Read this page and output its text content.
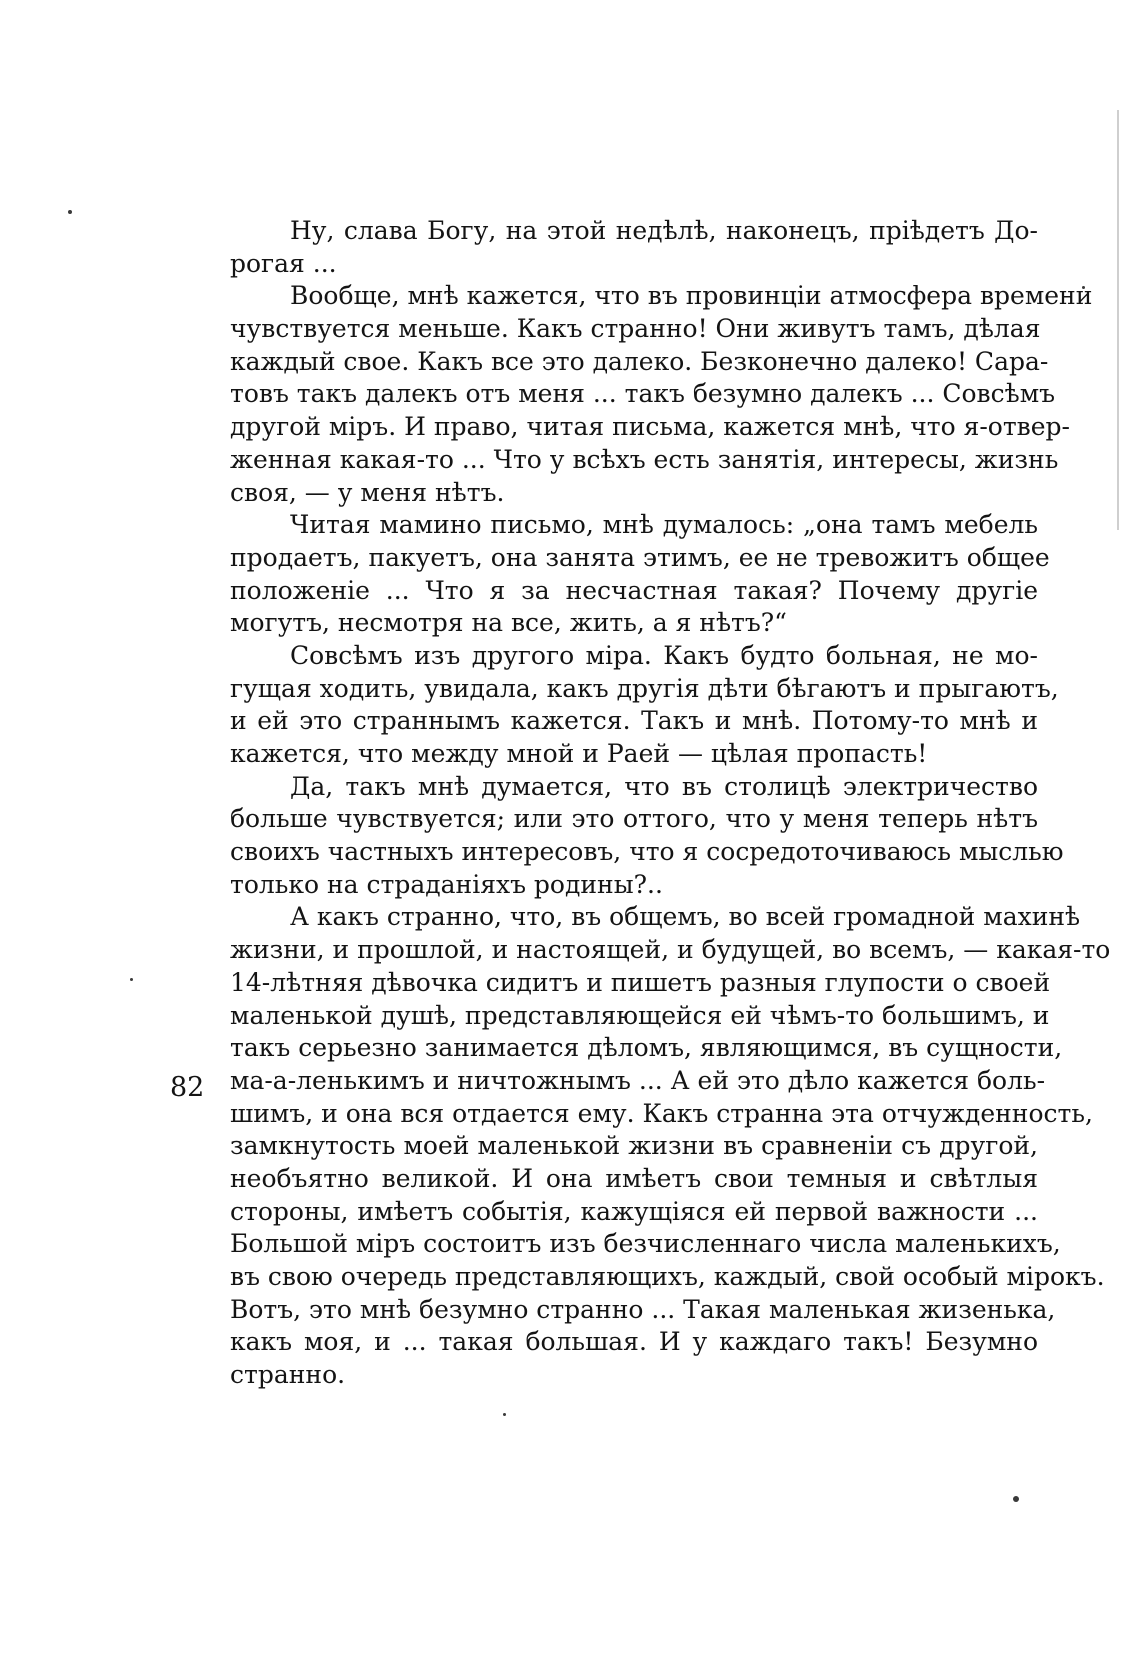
Ну, слава Богу, на этой недѣлѣ, наконецъ, пріѣдетъ До-
рогая ...
Вообще, мнѣ кажется, что въ провинціи атмосфера времени
чувствуется меньше. Какъ странно! Они живутъ тамъ, дѣлая
каждый свое. Какъ все это далеко. Безконечно далеко! Сара-
товъ такъ далекъ отъ меня ... такъ безумно далекъ ... Совсѣмъ
другой міръ. И право, читая письма, кажется мнѣ, что я-отвер-
женная какая-то ... Что у всѣхъ есть занятія, интересы, жизнь
своя, — у меня нѣтъ.
Читая мамино письмо, мнѣ думалось: „она тамъ мебель
продаетъ, пакуетъ, она занята этимъ, ее не тревожитъ общее
положеніе ... Что я за несчастная такая? Почему другіе
могутъ, несмотря на все, жить, а я нѣтъ?“
Совсѣмъ изъ другого міра. Какъ будто больная, не мо-
гущая ходить, увидала, какъ другія дѣти бѣгаютъ и прыгаютъ,
и ей это страннымъ кажется. Такъ и мнѣ. Потому-то мнѣ и
кажется, что между мной и Раей — цѣлая пропасть!
Да, такъ мнѣ думается, что въ столицѣ электричество
больше чувствуется; или это оттого, что у меня теперь нѣтъ
своихъ частныхъ интересовъ, что я сосредоточиваюсь мыслью
только на страданіяхъ родины?..
А какъ странно, что, въ общемъ, во всей громадной махинѣ
жизни, и прошлой, и настоящей, и будущей, во всемъ, — какая-то
14-лѣтняя дѣвочка сидитъ и пишетъ разныя глупости о своей
маленькой душѣ, представляющейся ей чѣмъ-то большимъ, и
такъ серьезно занимается дѣломъ, являющимся, въ сущности,
ма-а-ленькимъ и ничтожнымъ ... А ей это дѣло кажется боль-
шимъ, и она вся отдается ему. Какъ странна эта отчужденность,
замкнутость моей маленькой жизни въ сравненіи съ другой,
необъятно великой. И она имѣетъ свои темныя и свѣтлыя
стороны, имѣетъ событія, кажущіяся ей первой важности ...
Большой міръ состоитъ изъ безчисленнаго числа маленькихъ,
въ свою очередь представляющихъ, каждый, свой особый мірокъ.
Вотъ, это мнѣ безумно странно ... Такая маленькая жизенька,
какъ моя, и ... такая большая. И у каждаго такъ! Безумно
странно.
82
